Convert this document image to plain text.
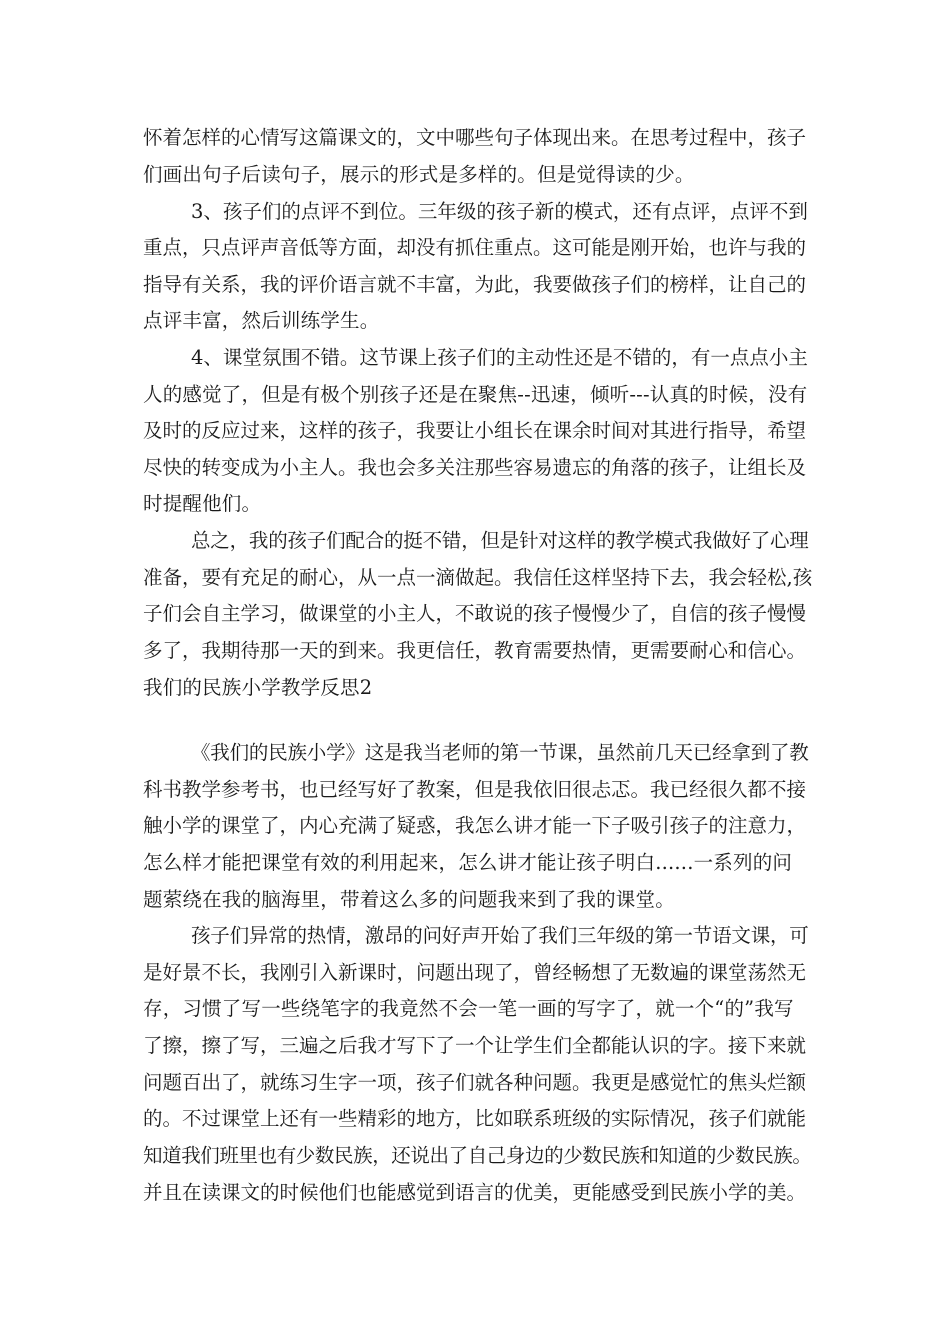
怀着怎样的心情写这篇课文的，文中哪些句子体现出来。在思考过程中，孩子
们画出句子后读句子，展示的形式是多样的。但是觉得读的少。
3、孩子们的点评不到位。三年级的孩子新的模式，还有点评，点评不到
重点，只点评声音低等方面，却没有抓住重点。这可能是刚开始，也许与我的
指导有关系，我的评价语言就不丰富，为此，我要做孩子们的榜样，让自己的
点评丰富，然后训练学生。
4、课堂氛围不错。这节课上孩子们的主动性还是不错的，有一点点小主
人的感觉了，但是有极个别孩子还是在聚焦--迅速，倾听---认真的时候，没有
及时的反应过来，这样的孩子，我要让小组长在课余时间对其进行指导，希望
尽快的转变成为小主人。我也会多关注那些容易遗忘的角落的孩子，让组长及
时提醒他们。
总之，我的孩子们配合的挺不错，但是针对这样的教学模式我做好了心理
准备，要有充足的耐心，从一点一滴做起。我信任这样坚持下去，我会轻松,孩
子们会自主学习，做课堂的小主人，不敢说的孩子慢慢少了，自信的孩子慢慢
多了，我期待那一天的到来。我更信任，教育需要热情，更需要耐心和信心。
我们的民族小学教学反思2
《我们的民族小学》这是我当老师的第一节课，虽然前几天已经拿到了教
科书教学参考书，也已经写好了教案，但是我依旧很忐忑。我已经很久都不接
触小学的课堂了，内心充满了疑惑，我怎么讲才能一下子吸引孩子的注意力，
怎么样才能把课堂有效的利用起来，怎么讲才能让孩子明白......一系列的问
题萦绕在我的脑海里，带着这么多的问题我来到了我的课堂。
孩子们异常的热情，激昂的问好声开始了我们三年级的第一节语文课，可
是好景不长，我刚引入新课时，问题出现了，曾经畅想了无数遍的课堂荡然无
存，习惯了写一些绕笔字的我竟然不会一笔一画的写字了，就一个“的”我写
了擦，擦了写，三遍之后我才写下了一个让学生们全都能认识的字。接下来就
问题百出了，就练习生字一项，孩子们就各种问题。我更是感觉忙的焦头烂额
的。不过课堂上还有一些精彩的地方，比如联系班级的实际情况，孩子们就能
知道我们班里也有少数民族，还说出了自己身边的少数民族和知道的少数民族。
并且在读课文的时候他们也能感觉到语言的优美，更能感受到民族小学的美。
